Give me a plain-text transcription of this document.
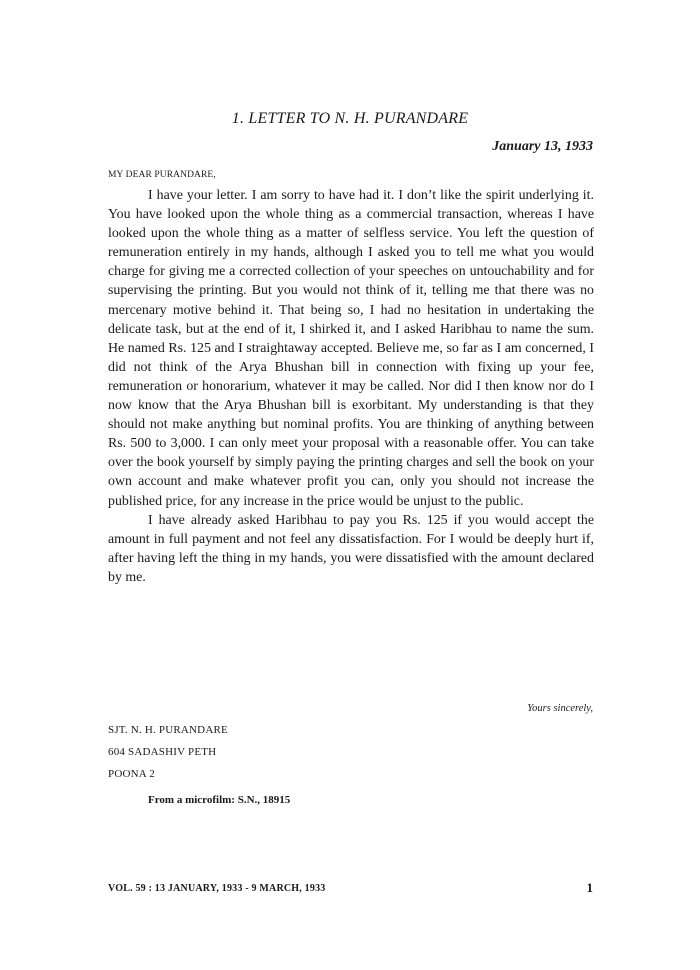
1. LETTER TO N. H. PURANDARE
January 13, 1933
MY DEAR PURANDARE,

I have your letter. I am sorry to have had it. I don’t like the spirit underlying it. You have looked upon the whole thing as a commercial transaction, whereas I have looked upon the whole thing as a matter of selfless service. You left the question of remuneration entirely in my hands, although I asked you to tell me what you would charge for giving me a corrected collection of your speeches on untouchability and for supervising the printing. But you would not think of it, telling me that there was no mercenary motive behind it. That being so, I had no hesitation in undertaking the delicate task, but at the end of it, I shirked it, and I asked Haribhau to name the sum. He named Rs. 125 and I straightaway accepted. Believe me, so far as I am concerned, I did not think of the Arya Bhushan bill in connection with fixing up your fee, remuneration or honorarium, whatever it may be called. Nor did I then know nor do I now know that the Arya Bhushan bill is exorbitant. My understanding is that they should not make anything but nominal profits. You are thinking of anything between Rs. 500 to 3,000. I can only meet your proposal with a reasonable offer. You can take over the book yourself by simply paying the printing charges and sell the book on your own account and make whatever profit you can, only you should not increase the published price, for any increase in the price would be unjust to the public.

I have already asked Haribhau to pay you Rs. 125 if you would accept the amount in full payment and not feel any dissatisfaction. For I would be deeply hurt if, after having left the thing in my hands, you were dissatisfied with the amount declared by me.

Yours sincerely,
SJT. N. H. PURANDARE
604 SADASHIV PETH
POONA 2
From a microfilm: S.N., 18915
VOL. 59 : 13 JANUARY, 1933 - 9 MARCH, 1933	1
